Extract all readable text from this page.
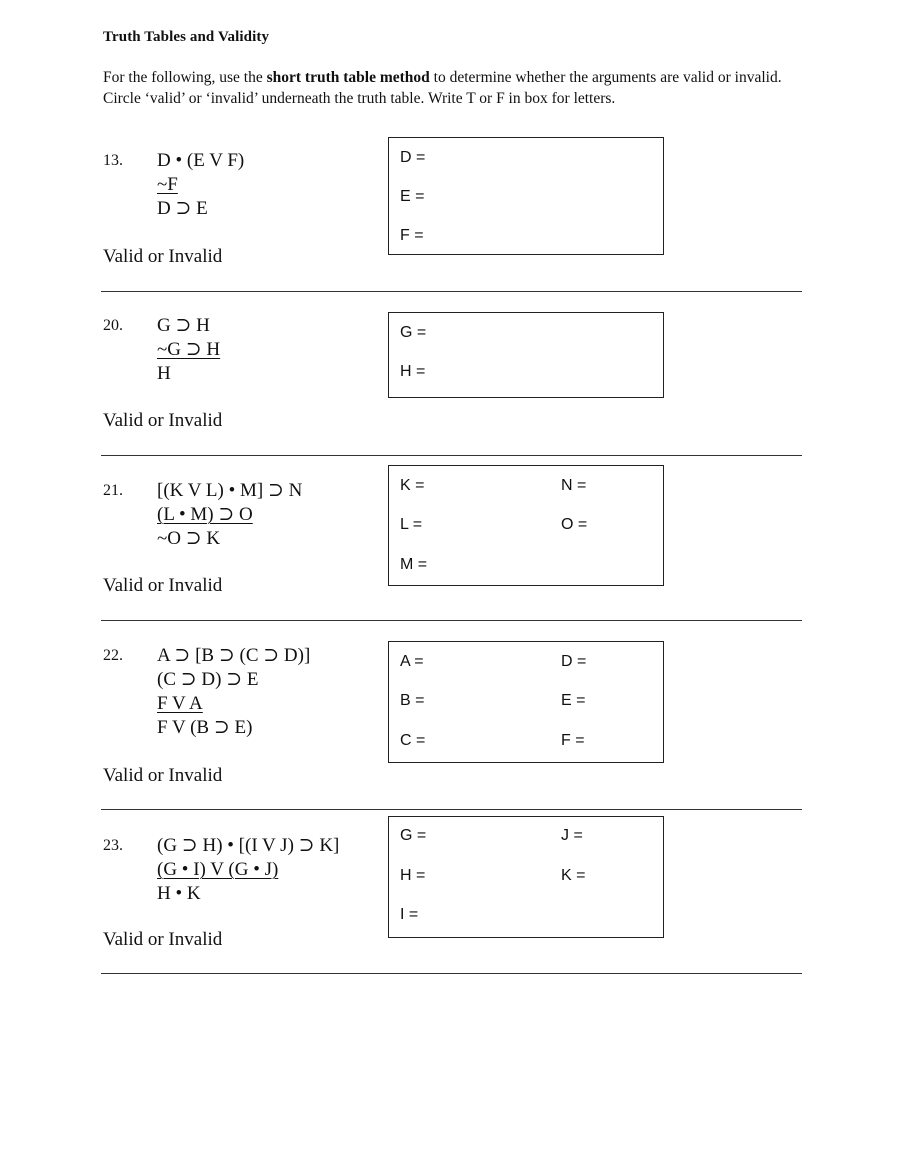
Truth Tables and Validity
For the following, use the short truth table method to determine whether the arguments are valid or invalid. Circle ‘valid’ or ‘invalid’ underneath the truth table. Write T or F in box for letters.
13. D • (E V F)
~F
D ⊃ E
Valid or Invalid
D =
E =
F =
20. G ⊃ H
~G ⊃ H
H
Valid or Invalid
G =
H =
21. [(K V L) • M] ⊃ N
(L • M) ⊃ O
~O ⊃ K
Valid or Invalid
K =
L =
M =
N =
O =
22. A ⊃ [B ⊃ (C ⊃ D)]
(C ⊃ D) ⊃ E
F V A
F V (B ⊃ E)
Valid or Invalid
A =
B =
C =
D =
E =
F =
23. (G ⊃ H) • [(I V J) ⊃ K]
(G • I) V (G • J)
H • K
Valid or Invalid
G =
H =
I =
J =
K =
